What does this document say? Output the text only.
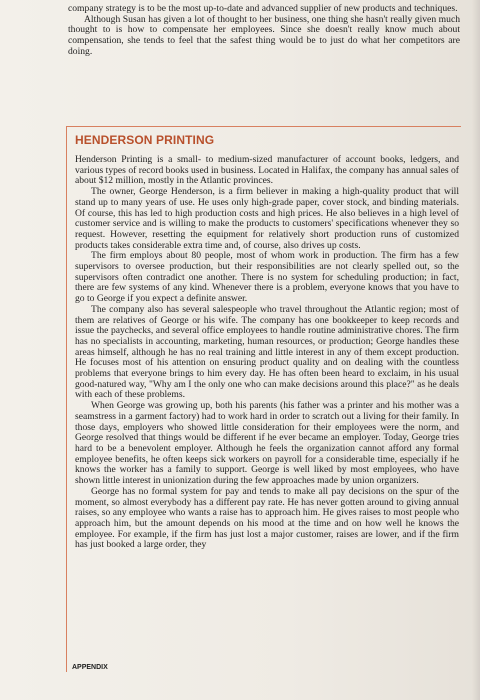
company strategy is to be the most up-to-date and advanced supplier of new products and techniques.

Although Susan has given a lot of thought to her business, one thing she hasn't really given much thought to is how to compensate her employees. Since she doesn't really know much about compensation, she tends to feel that the safest thing would be to just do what her competitors are doing.

HENDERSON PRINTING

Henderson Printing is a small- to medium-sized manufacturer of account books, ledgers, and various types of record books used in business. Located in Halifax, the company has annual sales of about $12 million, mostly in the Atlantic provinces.

The owner, George Henderson, is a firm believer in making a high-quality product that will stand up to many years of use. He uses only high-grade paper, cover stock, and binding materials. Of course, this has led to high production costs and high prices. He also believes in a high level of customer service and is willing to make the products to customers' specifications whenever they so request. However, resetting the equipment for relatively short production runs of customized products takes considerable extra time and, of course, also drives up costs.

The firm employs about 80 people, most of whom work in production. The firm has a few supervisors to oversee production, but their responsibilities are not clearly spelled out, so the supervisors often contradict one another. There is no system for scheduling production; in fact, there are few systems of any kind. Whenever there is a problem, everyone knows that you have to go to George if you expect a definite answer.

The company also has several salespeople who travel throughout the Atlantic region; most of them are relatives of George or his wife. The company has one bookkeeper to keep records and issue the paychecks, and several office employees to handle routine administrative chores. The firm has no specialists in accounting, marketing, human resources, or production; George handles these areas himself, although he has no real training and little interest in any of them except production. He focuses most of his attention on ensuring product quality and on dealing with the countless problems that everyone brings to him every day. He has often been heard to exclaim, in his usual good-natured way, "Why am I the only one who can make decisions around this place?" as he deals with each of these problems.

When George was growing up, both his parents (his father was a printer and his mother was a seamstress in a garment factory) had to work hard in order to scratch out a living for their family. In those days, employers who showed little consideration for their employees were the norm, and George resolved that things would be different if he ever became an employer. Today, George tries hard to be a benevolent employer. Although he feels the organization cannot afford any formal employee benefits, he often keeps sick workers on payroll for a considerable time, especially if he knows the worker has a family to support. George is well liked by most employees, who have shown little interest in unionization during the few approaches made by union organizers.

George has no formal system for pay and tends to make all pay decisions on the spur of the moment, so almost everybody has a different pay rate. He has never gotten around to giving annual raises, so any employee who wants a raise has to approach him. He gives raises to most people who approach him, but the amount depends on his mood at the time and on how well he knows the employee. For example, if the firm has just lost a major customer, raises are lower, and if the firm has just booked a large order, they

APPENDIX
